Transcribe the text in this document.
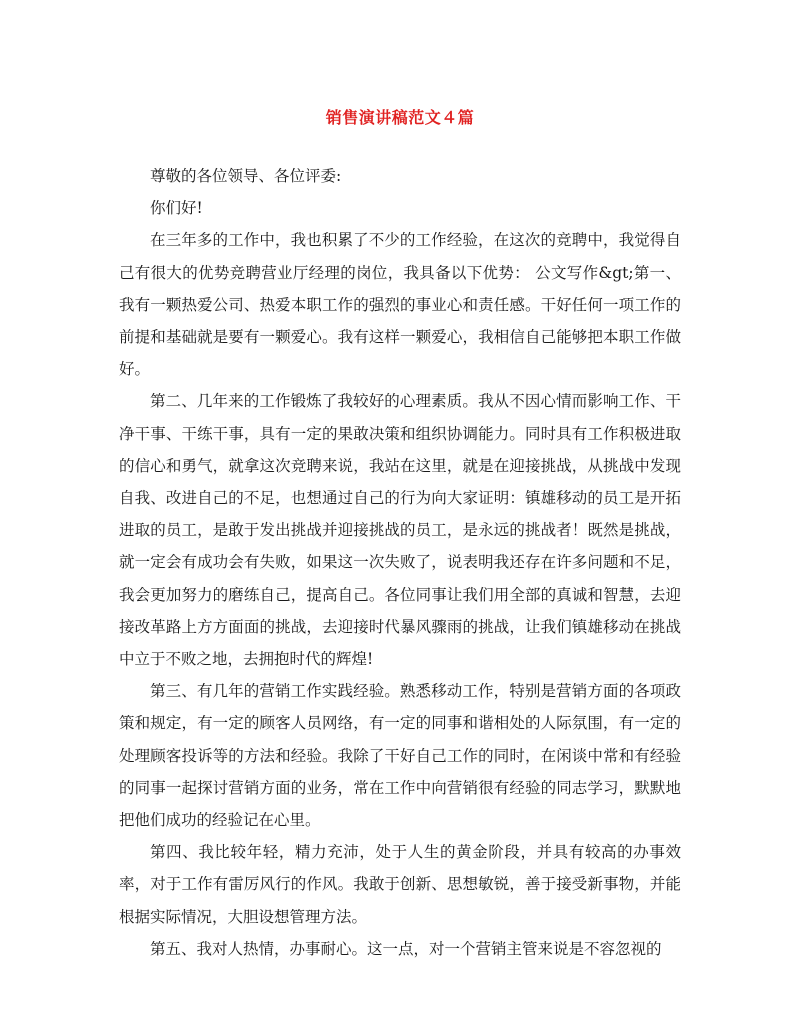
销售演讲稿范文４篇

尊敬的各位领导、各位评委:

你们好!

在三年多的工作中，我也积累了不少的工作经验，在这次的竞聘中，我觉得自己有很大的优势竞聘营业厅经理的岗位，我具备以下优势： 公文写作&gt;第一、 我有一颗热爱公司、热爱本职工作的强烈的事业心和责任感。干好任何一项工作的前提和基础就是要有一颗爱心。我有这样一颗爱心，我相信自己能够把本职工作做好。

第二、几年来的工作锻炼了我较好的心理素质。我从不因心情而影响工作、干净干事、干练干事，具有一定的果敢决策和组织协调能力。同时具有工作积极进取的信心和勇气，就拿这次竞聘来说，我站在这里，就是在迎接挑战，从挑战中发现自我、改进自己的不足，也想通过自己的行为向大家证明：镇雄移动的员工是开拓进取的员工，是敢于发出挑战并迎接挑战的员工，是永远的挑战者！既然是挑战，就一定会有成功会有失败，如果这一次失败了，说表明我还存在许多问题和不足，我会更加努力的磨练自己，提高自己。各位同事让我们用全部的真诚和智慧，去迎接改革路上方方面面的挑战，去迎接时代暴风骤雨的挑战，让我们镇雄移动在挑战中立于不败之地，去拥抱时代的辉煌!

第三、有几年的营销工作实践经验。熟悉移动工作，特别是营销方面的各项政策和规定，有一定的顾客人员网络，有一定的同事和谐相处的人际氛围，有一定的处理顾客投诉等的方法和经验。我除了干好自己工作的同时，在闲谈中常和有经验的同事一起探讨营销方面的业务，常在工作中向营销很有经验的同志学习，默默地把他们成功的经验记在心里。

第四、我比较年轻，精力充沛，处于人生的黄金阶段，并具有较高的办事效率，对于工作有雷厉风行的作风。我敢于创新、思想敏锐，善于接受新事物，并能根据实际情况，大胆设想管理方法。

第五、我对人热情，办事耐心。这一点，对一个营销主管来说是不容忽视的
